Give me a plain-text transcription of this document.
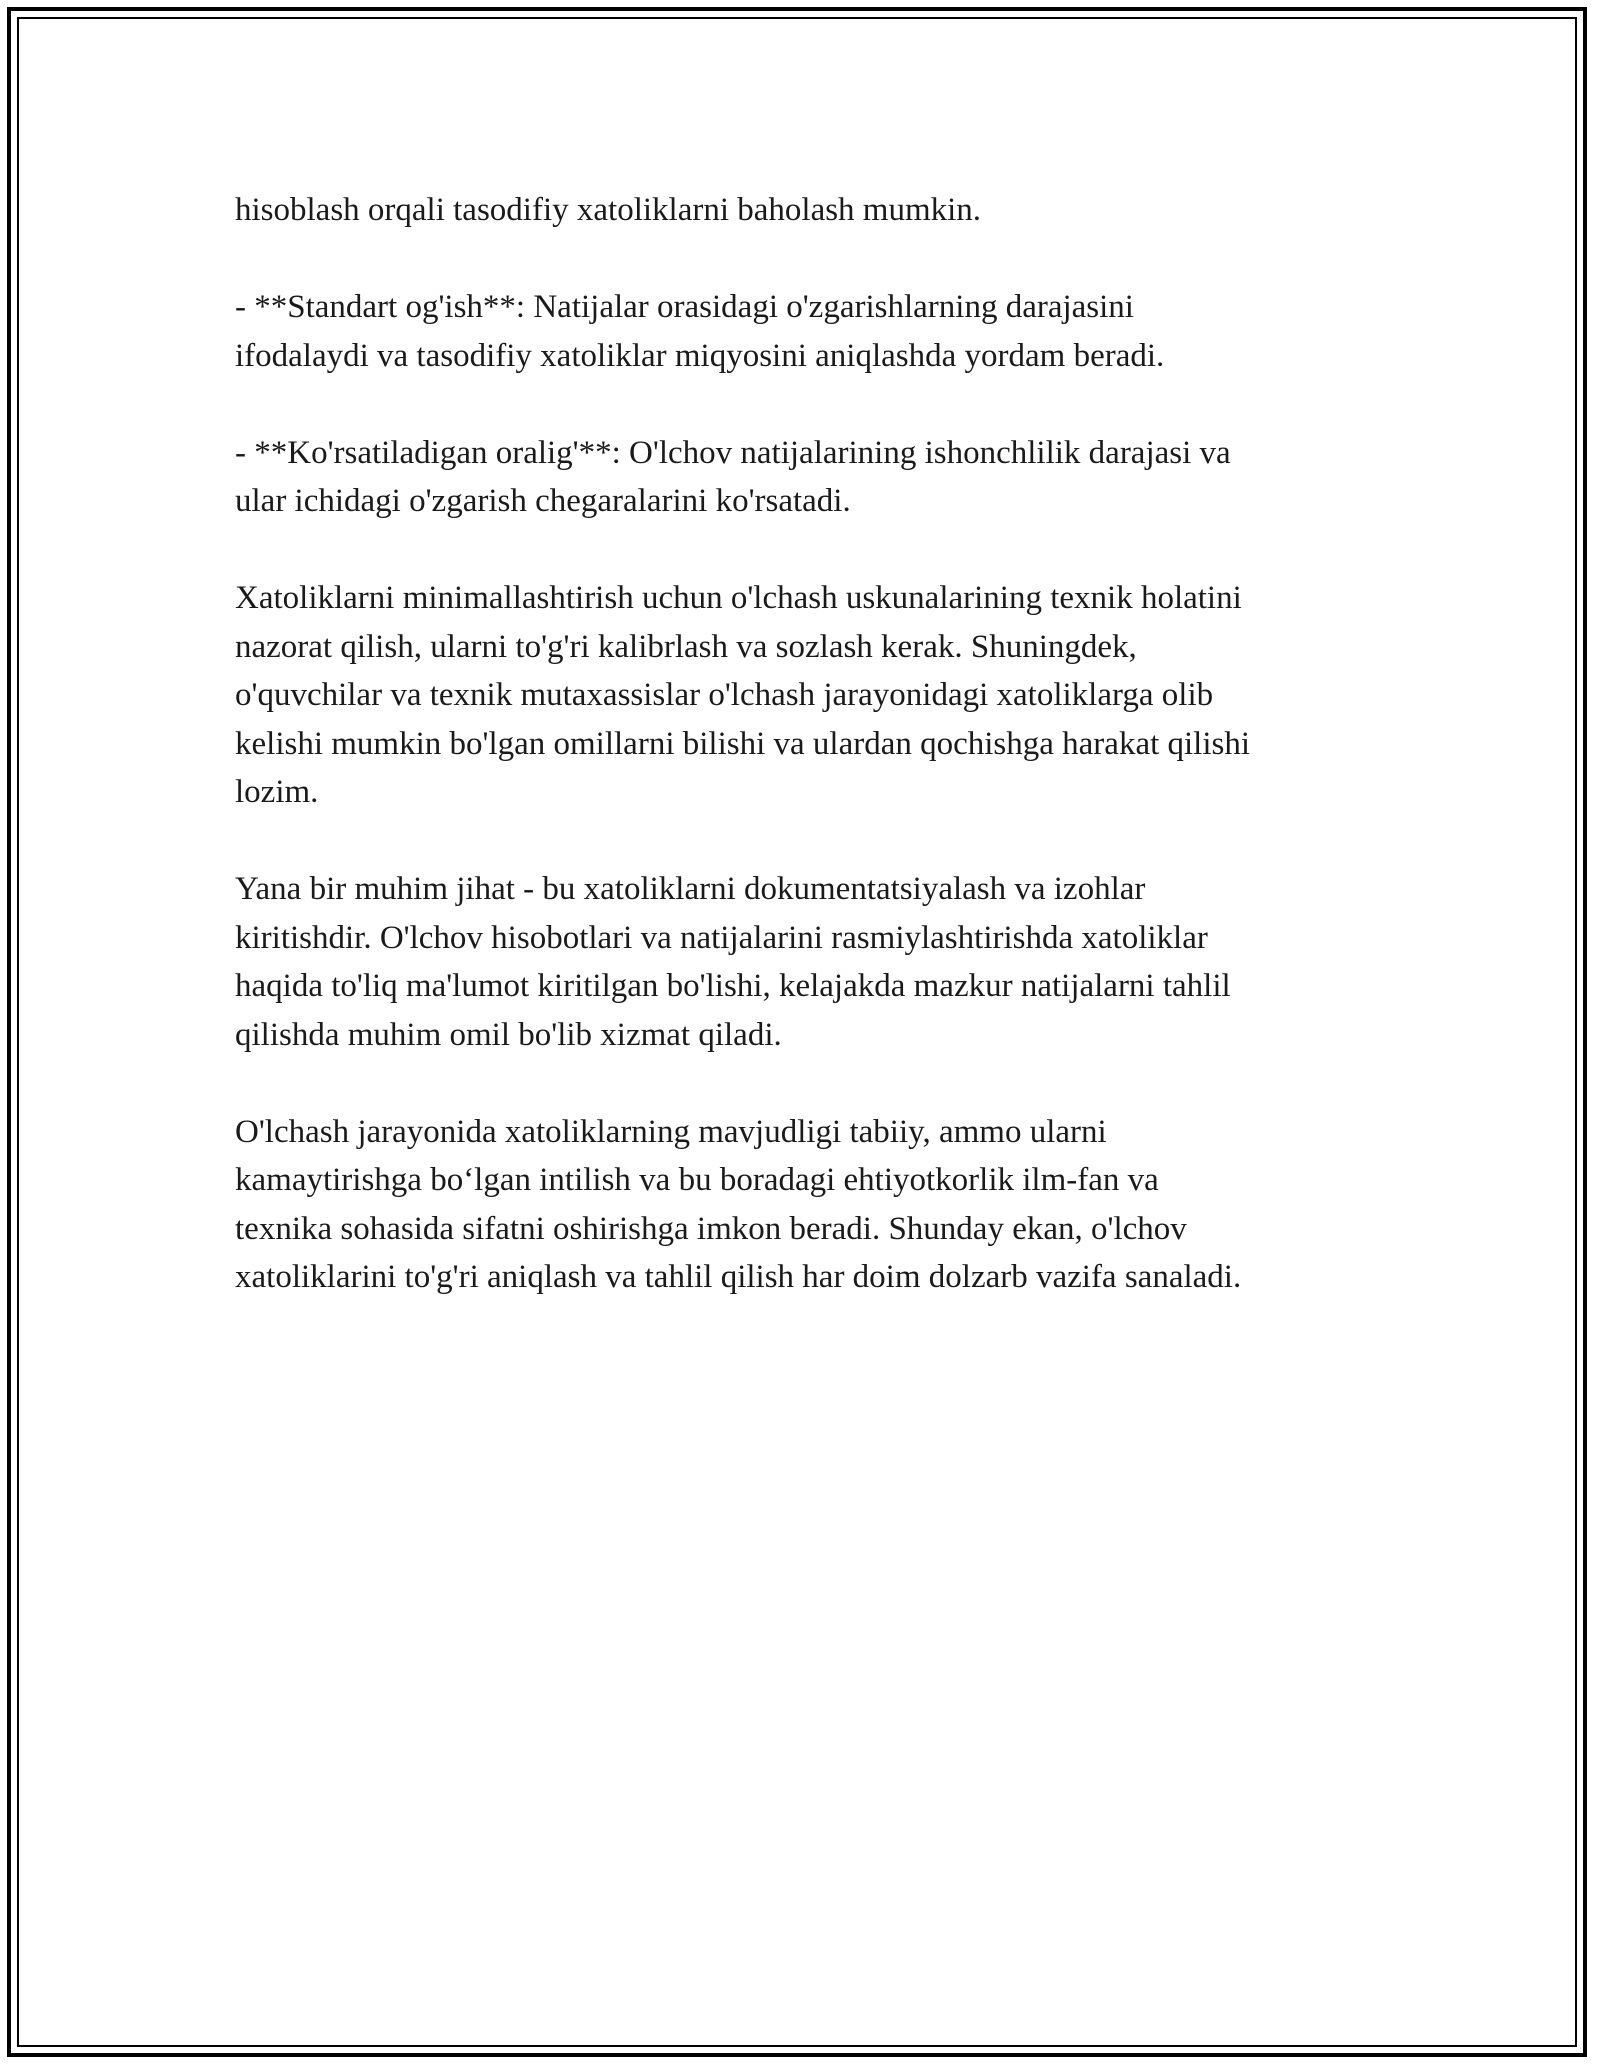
hisoblash orqali tasodifiy xatoliklarni baholash mumkin.

- **Standart og'ish**: Natijalar orasidagi o'zgarishlarning darajasini
ifodalaydi va tasodifiy xatoliklar miqyosini aniqlashda yordam beradi.

- **Ko'rsatiladigan oralig'**: O'lchov natijalarining ishonchlilik darajasi va
ular ichidagi o'zgarish chegaralarini ko'rsatadi.

Xatoliklarni minimallashtirish uchun o'lchash uskunalarining texnik holatini
nazorat qilish, ularni to'g'ri kalibrlash va sozlash kerak. Shuningdek,
o'quvchilar va texnik mutaxassislar o'lchash jarayonidagi xatoliklarga olib
kelishi mumkin bo'lgan omillarni bilishi va ulardan qochishga harakat qilishi
lozim.

Yana bir muhim jihat - bu xatoliklarni dokumentatsiyalash va izohlar
kiritishdir. O'lchov hisobotlari va natijalarini rasmiylashtirishda xatoliklar
haqida to'liq ma'lumot kiritilgan bo'lishi, kelajakda mazkur natijalarni tahlil
qilishda muhim omil bo'lib xizmat qiladi.

O'lchash jarayonida xatoliklarning mavjudligi tabiiy, ammo ularni
kamaytirishga bo‘lgan intilish va bu boradagi ehtiyotkorlik ilm-fan va
texnika sohasida sifatni oshirishga imkon beradi. Shunday ekan, o'lchov
xatoliklarini to'g'ri aniqlash va tahlil qilish har doim dolzarb vazifa sanaladi.
